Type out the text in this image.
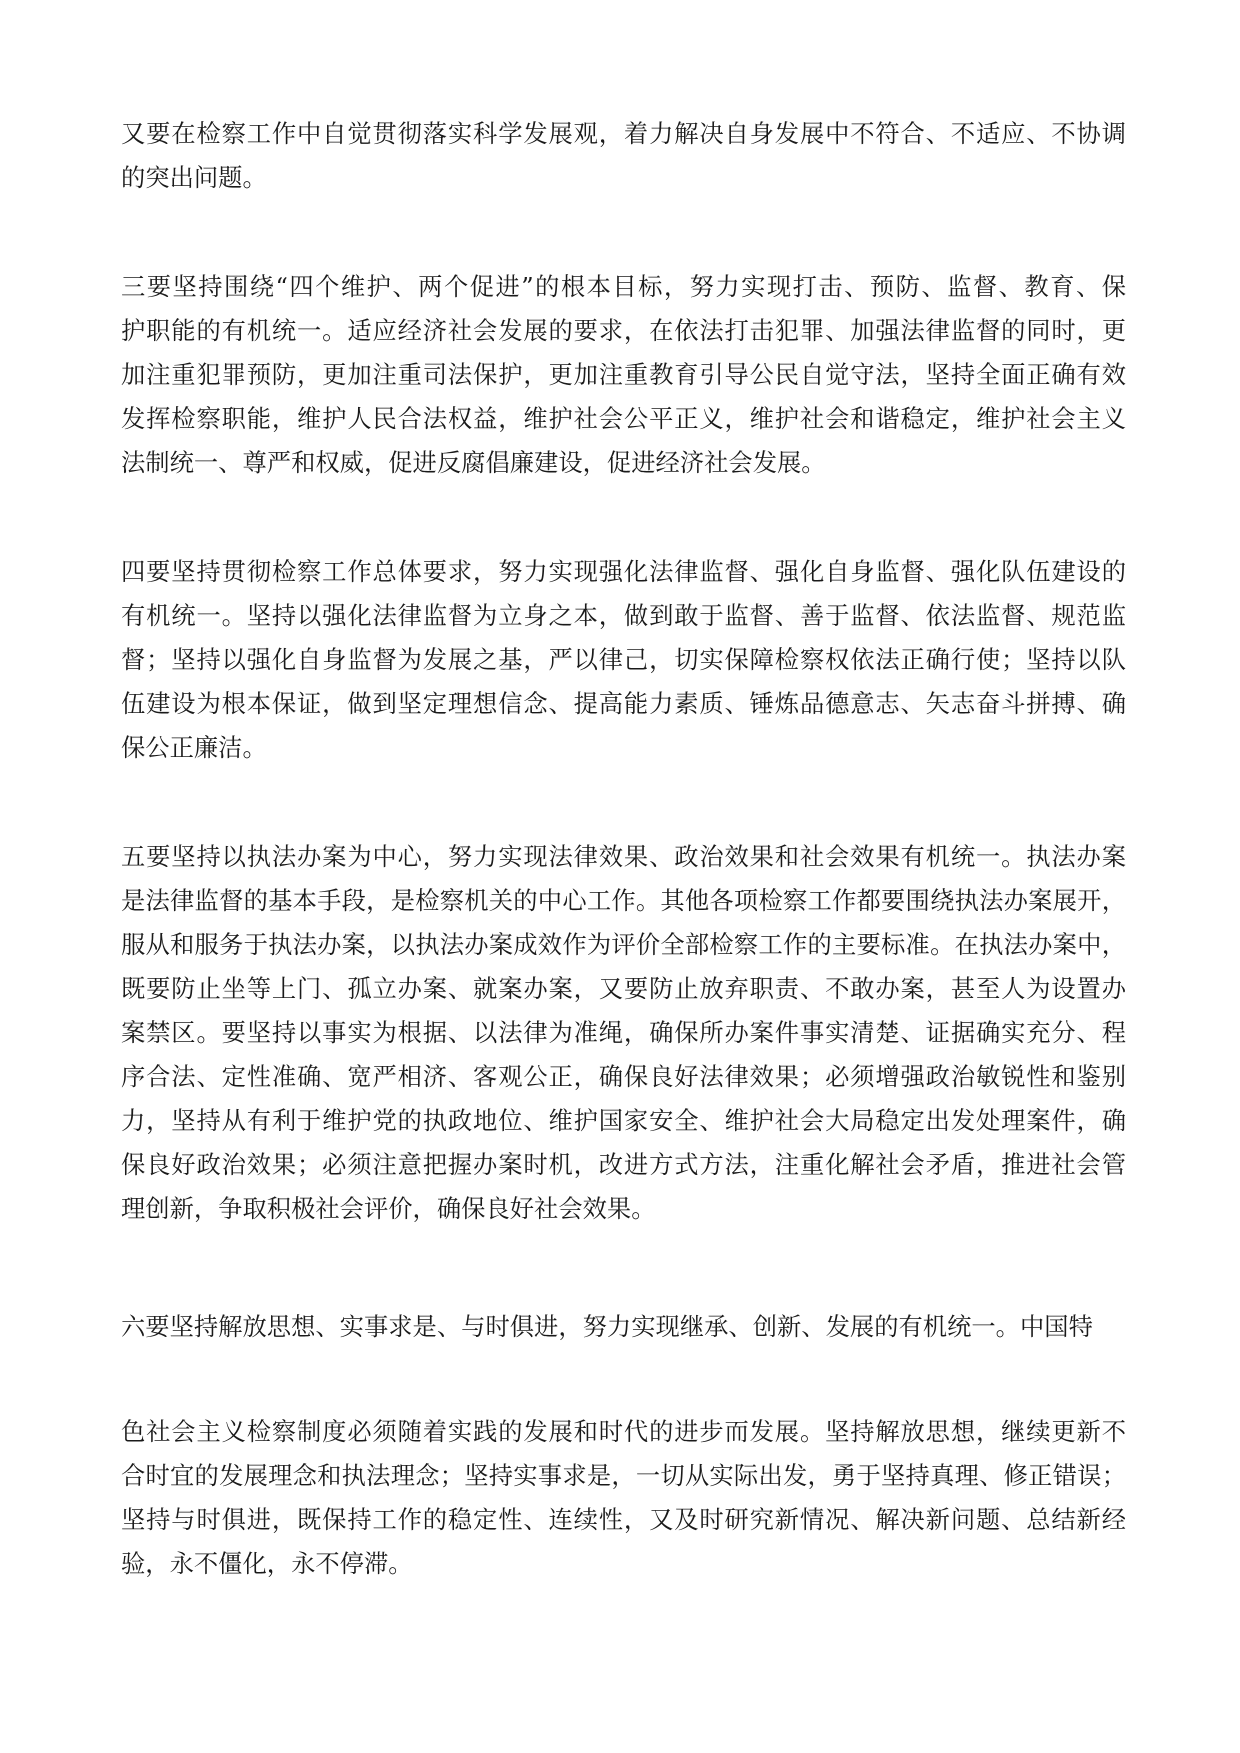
又要在检察工作中自觉贯彻落实科学发展观，着力解决自身发展中不符合、不适应、不协调
的突出问题。
三要坚持围绕“四个维护、两个促进”的根本目标，努力实现打击、预防、监督、教育、保
护职能的有机统一。适应经济社会发展的要求，在依法打击犯罪、加强法律监督的同时，更
加注重犯罪预防，更加注重司法保护，更加注重教育引导公民自觉守法，坚持全面正确有效
发挥检察职能，维护人民合法权益，维护社会公平正义，维护社会和谐稳定，维护社会主义
法制统一、尊严和权威，促进反腐倡廉建设，促进经济社会发展。
四要坚持贯彻检察工作总体要求，努力实现强化法律监督、强化自身监督、强化队伍建设的
有机统一。坚持以强化法律监督为立身之本，做到敢于监督、善于监督、依法监督、规范监
督；坚持以强化自身监督为发展之基，严以律己，切实保障检察权依法正确行使；坚持以队
伍建设为根本保证，做到坚定理想信念、提高能力素质、锤炼品德意志、矢志奋斗拼搏、确
保公正廉洁。
五要坚持以执法办案为中心，努力实现法律效果、政治效果和社会效果有机统一。执法办案
是法律监督的基本手段，是检察机关的中心工作。其他各项检察工作都要围绕执法办案展开，
服从和服务于执法办案，以执法办案成效作为评价全部检察工作的主要标准。在执法办案中，
既要防止坐等上门、孤立办案、就案办案，又要防止放弃职责、不敢办案，甚至人为设置办
案禁区。要坚持以事实为根据、以法律为准绳，确保所办案件事实清楚、证据确实充分、程
序合法、定性准确、宽严相济、客观公正，确保良好法律效果；必须增强政治敏锐性和鉴别
力，坚持从有利于维护党的执政地位、维护国家安全、维护社会大局稳定出发处理案件，确
保良好政治效果；必须注意把握办案时机，改进方式方法，注重化解社会矛盾，推进社会管
理创新，争取积极社会评价，确保良好社会效果。
六要坚持解放思想、实事求是、与时俱进，努力实现继承、创新、发展的有机统一。中国特
色社会主义检察制度必须随着实践的发展和时代的进步而发展。坚持解放思想，继续更新不
合时宜的发展理念和执法理念；坚持实事求是，一切从实际出发，勇于坚持真理、修正错误；
坚持与时俱进，既保持工作的稳定性、连续性，又及时研究新情况、解决新问题、总结新经
验，永不僵化，永不停滞。
